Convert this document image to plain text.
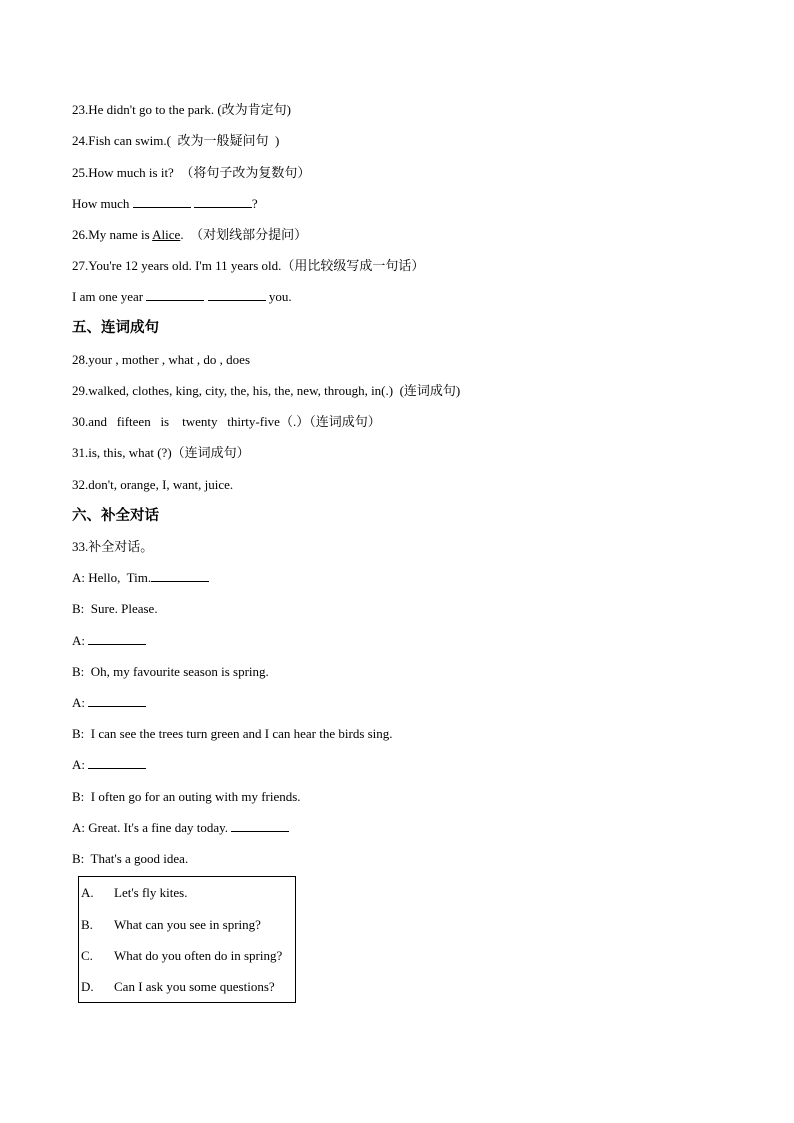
23.He didn't go to the park. (改为肯定句)
24.Fish can swim.(  改为一般疑问句  )
25.How much is it?  （将句子改为复数句）
How much	?
26.My name is Alice.  （对划线部分提问）
27.You're 12 years old. I'm 11 years old.（用比较级写成一句话）
I am one year	you.
五、连词成句
28.your , mother , what , do , does
29.walked, clothes, king, city, the, his, the, new, through, in(.)  (连词成句)
30.and   fifteen   is    twenty   thirty-five（.）（连词成句）
31.is, this, what (?)（连词成句）
32.don't, orange, I, want, juice.
六、补全对话
33.补全对话。
A: Hello,  Tim.
B:  Sure. Please.
A:
B:  Oh, my favourite season is spring.
A:
B:  I can see the trees turn green and I can hear the birds sing.
A:
B:  I often go for an outing with my friends.
A: Great. It's a fine day today.
B:  That's a good idea.
A. Let's fly kites.
B. What can you see in spring?
C. What do you often do in spring?
D. Can I ask you some questions?
